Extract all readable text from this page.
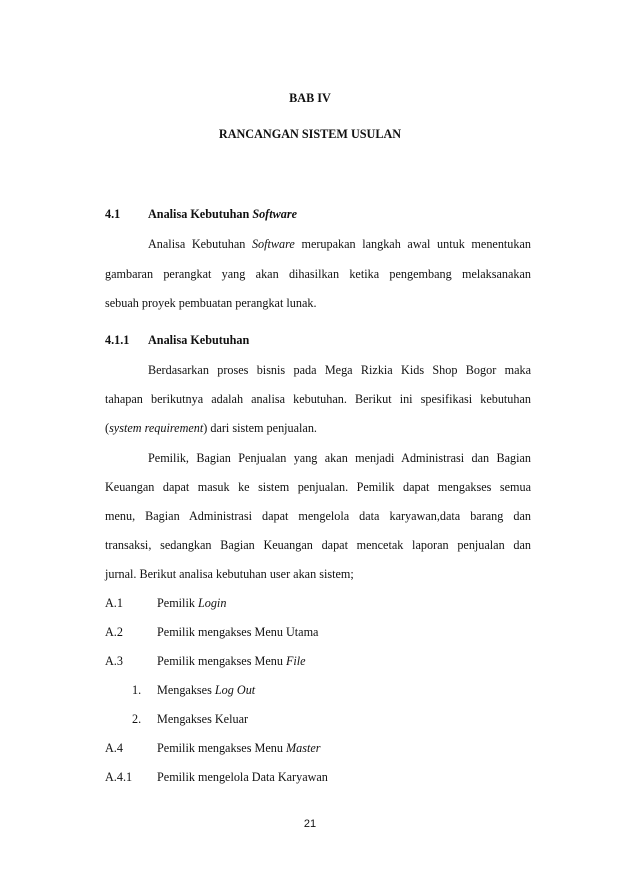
BAB IV
RANCANGAN SISTEM USULAN
4.1 Analisa Kebutuhan Software
Analisa Kebutuhan Software merupakan langkah awal untuk menentukan
gambaran perangkat yang akan dihasilkan ketika pengembang melaksanakan
sebuah proyek pembuatan perangkat lunak.
4.1.1 Analisa Kebutuhan
Berdasarkan proses bisnis pada Mega Rizkia Kids Shop Bogor maka
tahapan berikutnya adalah analisa kebutuhan. Berikut ini spesifikasi kebutuhan
(system requirement) dari sistem penjualan.
Pemilik, Bagian Penjualan yang akan menjadi Administrasi dan Bagian
Keuangan dapat masuk ke sistem penjualan. Pemilik dapat mengakses semua
menu, Bagian Administrasi dapat mengelola data karyawan,data barang dan
transaksi, sedangkan Bagian Keuangan dapat mencetak laporan penjualan dan
jurnal. Berikut analisa kebutuhan user akan sistem;
A.1	Pemilik Login
A.2	Pemilik mengakses Menu Utama
A.3	Pemilik mengakses Menu File
1. Mengakses Log Out
2. Mengakses Keluar
A.4	Pemilik mengakses Menu Master
A.4.1 Pemilik mengelola Data Karyawan
21
